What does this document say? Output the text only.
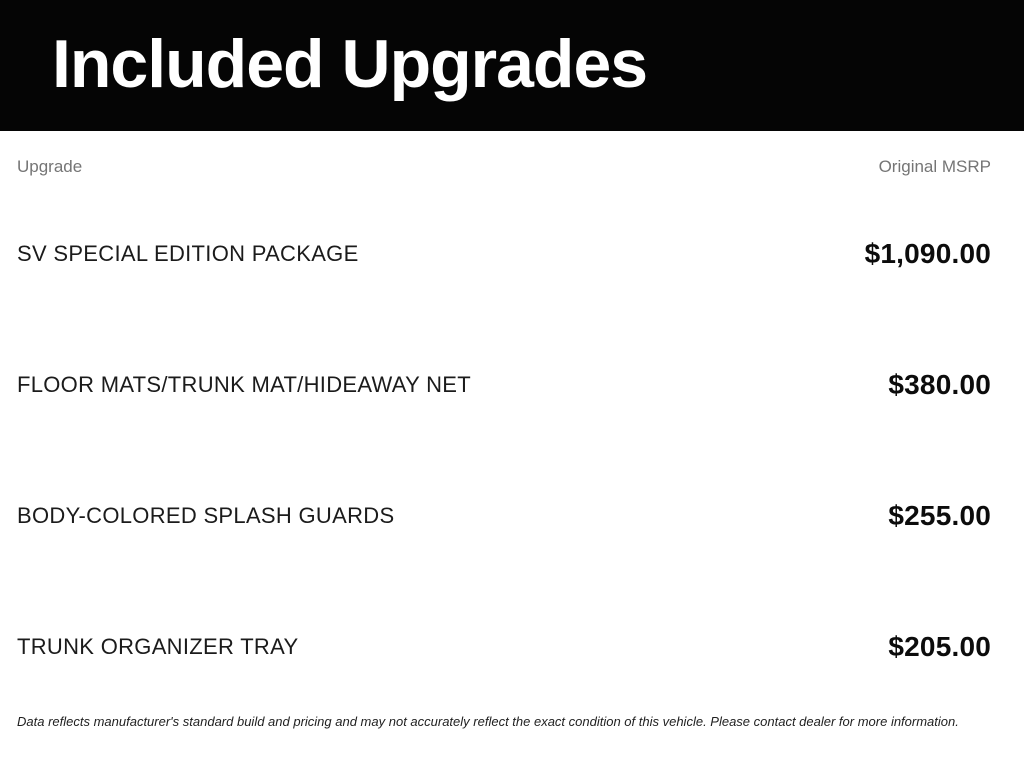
Included Upgrades
Upgrade	Original MSRP
SV SPECIAL EDITION PACKAGE	$1,090.00
FLOOR MATS/TRUNK MAT/HIDEAWAY NET	$380.00
BODY-COLORED SPLASH GUARDS	$255.00
TRUNK ORGANIZER TRAY	$205.00
Data reflects manufacturer's standard build and pricing and may not accurately reflect the exact condition of this vehicle. Please contact dealer for more information.
